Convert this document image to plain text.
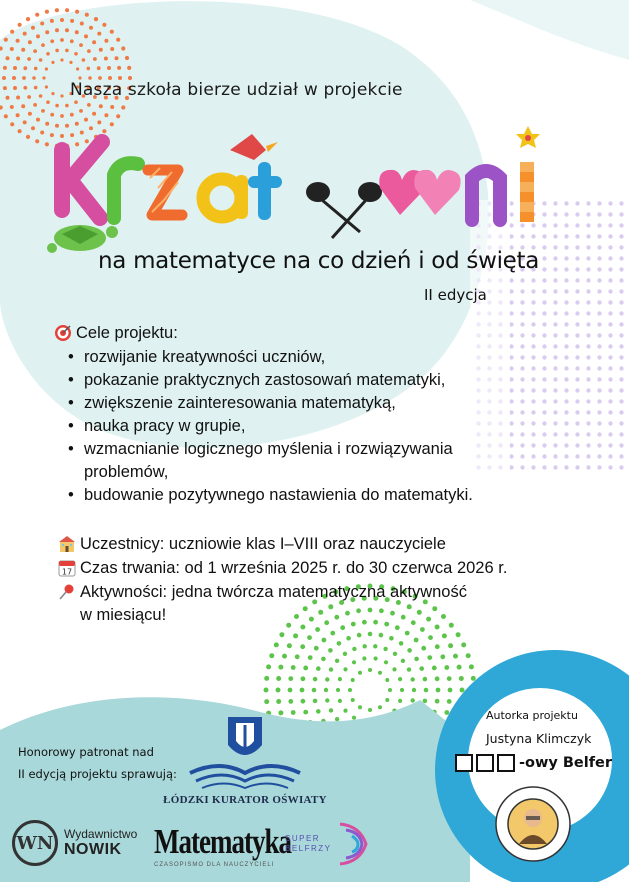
Nasza szkoła bierze udział w projekcie
na matematyce na co dzień i od święta
II edycja
Cele projektu:
• rozwijanie kreatywności uczniów,
• pokazanie praktycznych zastosowań matematyki,
• zwiększenie zainteresowania matematyką,
• nauka pracy w grupie,
• wzmacnianie logicznego myślenia i rozwiązywania
problemów,
• budowanie pozytywnego nastawienia do matematyki.
Uczestnicy: uczniowie klas I–VIII oraz nauczyciele
17 Czas trwania: od 1 września 2025 r. do 30 czerwca 2026 r.
Aktywności: jedna twórcza matematyczna aktywność
w miesiącu!
Honorowy patronat nad
II edycją projektu sprawują:
ŁÓDZKI KURATOR OŚWIATY
Autorka projektu
Justyna Klimczyk
-owy Belfer
WN Wydawnictwo
NOWIK	Matematyka
CZASOPISMO DLA NAUCZYCIELI
SUPER
BELFRZY
